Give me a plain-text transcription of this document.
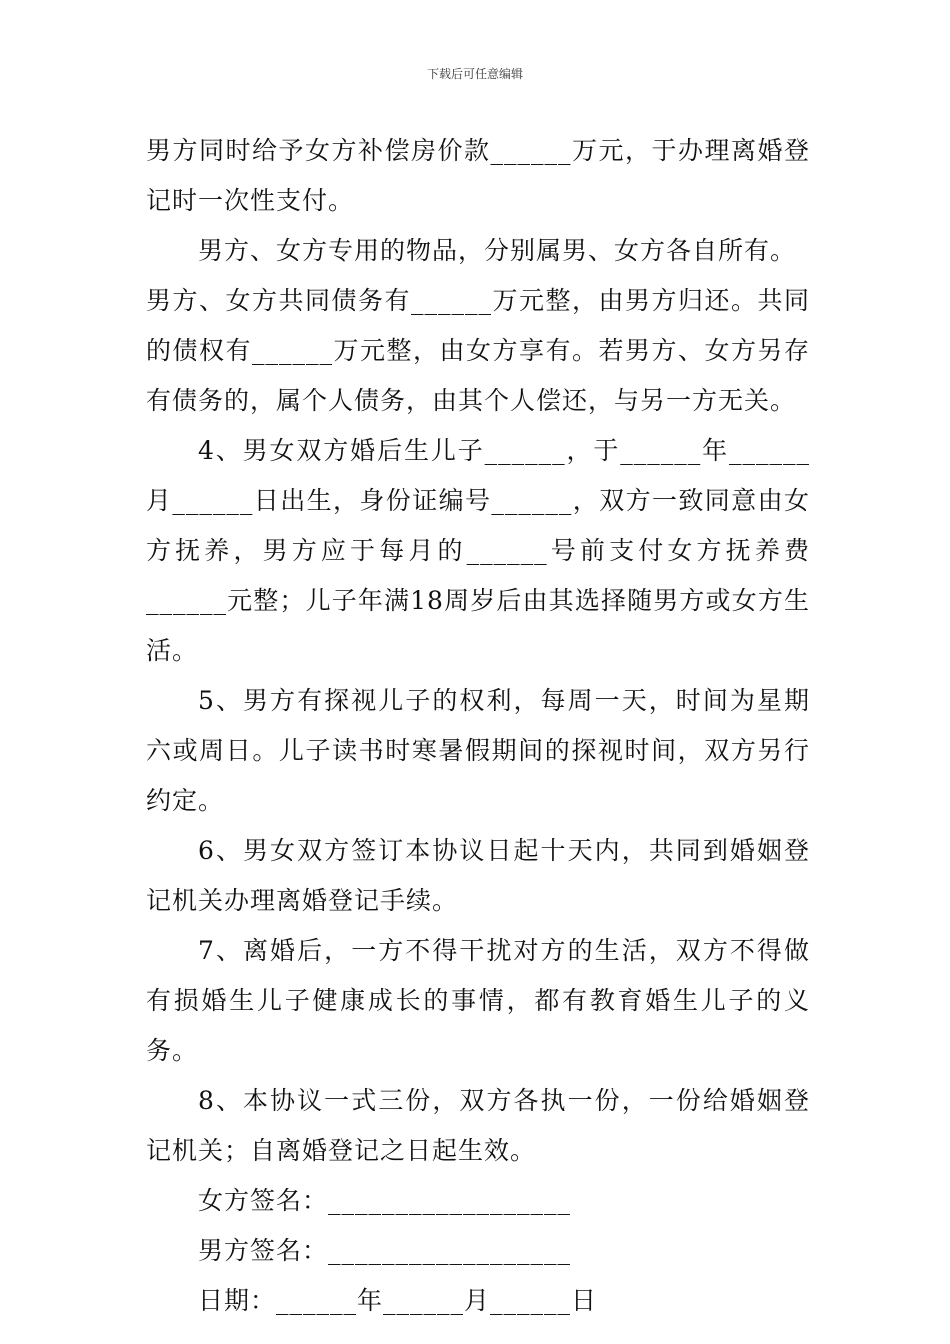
下载后可任意编辑

男方同时给予女方补偿房价款______万元，于办理离婚登记时一次性支付。

男方、女方专用的物品，分别属男、女方各自所有。

男方、女方共同债务有______万元整，由男方归还。共同的债权有______万元整，由女方享有。若男方、女方另存有债务的，属个人债务，由其个人偿还，与另一方无关。

4、男女双方婚后生儿子______，于______年______月______日出生，身份证编号______，双方一致同意由女方抚养，男方应于每月的______号前支付女方抚养费______元整；儿子年满18周岁后由其选择随男方或女方生活。

5、男方有探视儿子的权利，每周一天，时间为星期六或周日。儿子读书时寒暑假期间的探视时间，双方另行约定。

6、男女双方签订本协议日起十天内，共同到婚姻登记机关办理离婚登记手续。

7、离婚后，一方不得干扰对方的生活，双方不得做有损婚生儿子健康成长的事情，都有教育婚生儿子的义务。

8、本协议一式三份，双方各执一份，一份给婚姻登记机关；自离婚登记之日起生效。

女方签名：__________________
男方签名：__________________
日期：______年______月______日
